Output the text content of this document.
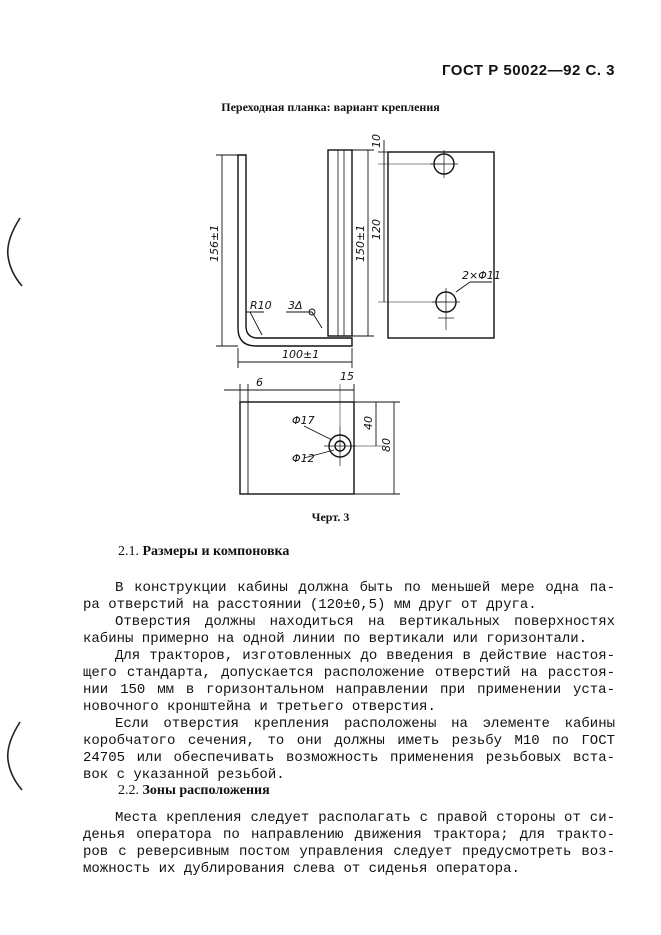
ГОСТ Р 50022—92 С. 3
Переходная планка: вариант крепления
156±1	150±1 120
10
100±1
R10 3Δ
2×Φ11
6	15
40
80
Φ17
Φ12
Черт. 3
2.1. Размеры и компоновка
В конструкции кабины должна быть по меньшей мере одна па-
ра отверстий на расстоянии (120±0,5) мм друг от друга.
Отверстия должны находиться на вертикальных поверхностях
кабины примерно на одной линии по вертикали или горизонтали.
Для тракторов, изготовленных до введения в действие настоя-
щего стандарта, допускается расположение отверстий на расстоя-
нии 150 мм в горизонтальном направлении при применении уста-
новочного кронштейна и третьего отверстия.
Если отверстия крепления расположены на элементе кабины
коробчатого сечения, то они должны иметь резьбу М10 по ГОСТ
24705 или обеспечивать возможность применения резьбовых вста-
вок с указанной резьбой.
2.2. Зоны расположения
Места крепления следует располагать с правой стороны от си-
денья оператора по направлению движения трактора; для тракто-
ров с реверсивным постом управления следует предусмотреть воз-
можность их дублирования слева от сиденья оператора.
